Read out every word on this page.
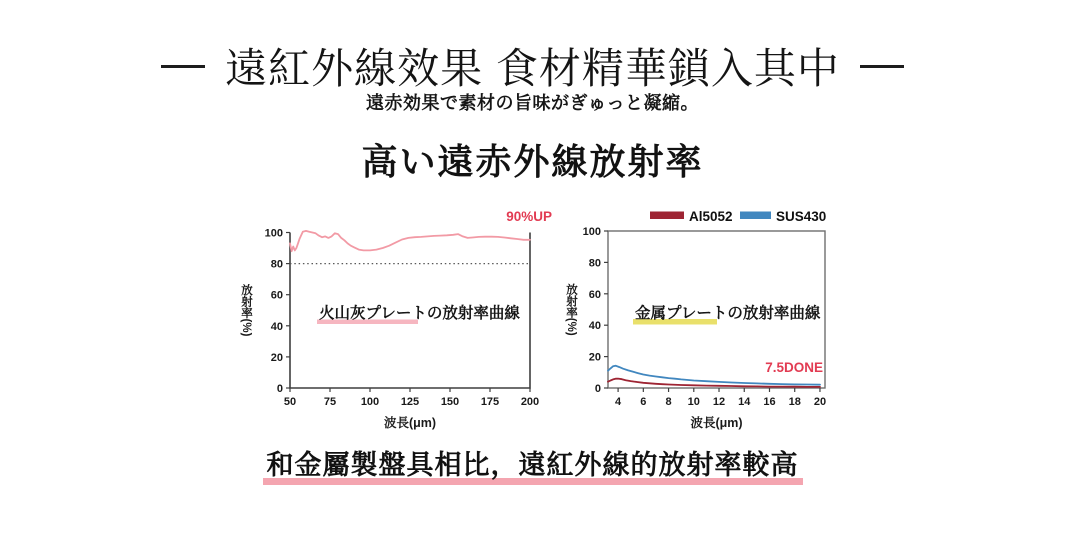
遠紅外線效果 食材精華鎖入其中
遠赤効果で素材の旨味がぎゅっと凝縮。
高い遠赤外線放射率
50	75 100 125 150 175 200
0
20
40
60
80
100
波長(μm)
放射率(%)	火山灰プレートの放射率曲線
90%UP
4 6 8 10 12 14 16 18 20
0
20
40
60
80
100
波長(μm)
放射率(%)	金属プレートの放射率曲線
7.5DONE
Al5052	SUS430
和金屬製盤具相比，遠紅外線的放射率較高
